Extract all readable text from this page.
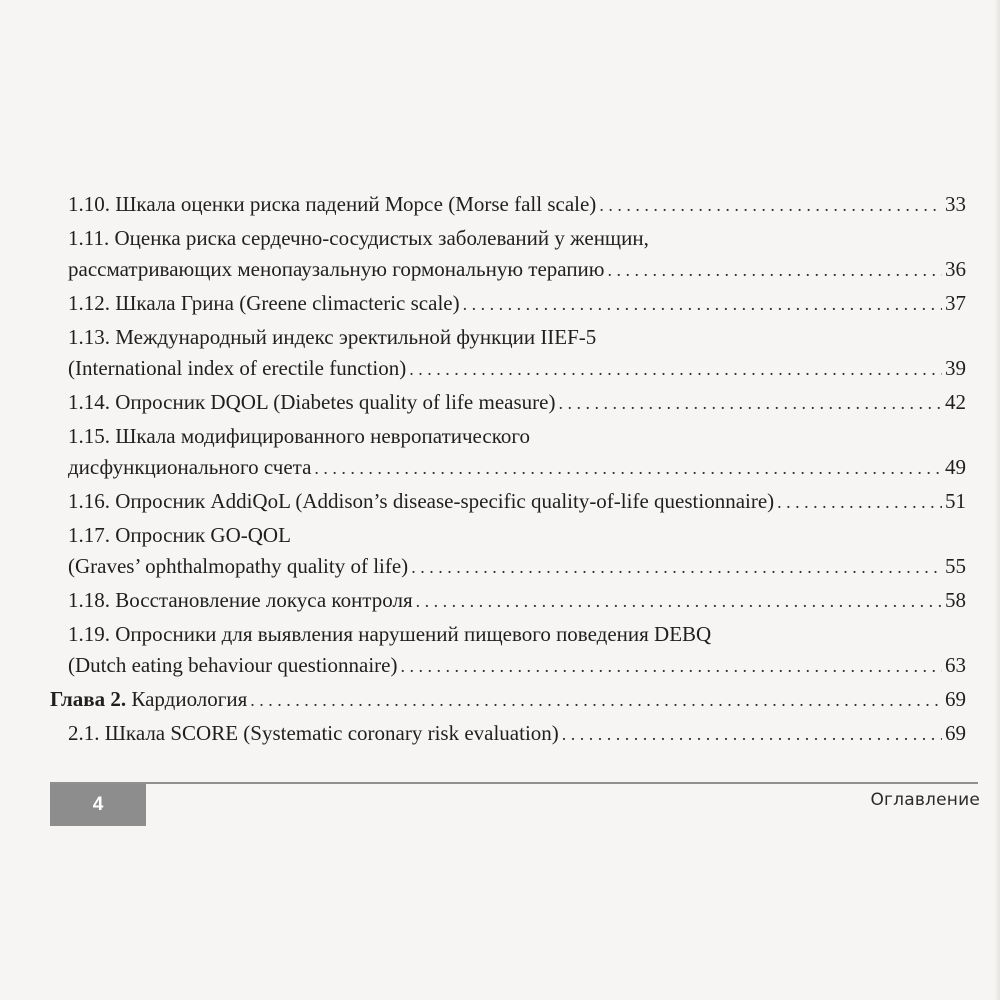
1.10. Шкала оценки риска падений Морсе (Morse fall scale) . . .	33
1.11. Оценка риска сердечно-сосудистых заболеваний у женщин,
рассматривающих менопаузальную гормональную терапию . . .	36
1.12. Шкала Грина (Greene climacteric scale) . . .	37
1.13. Международный индекс эректильной функции IIEF-5
(International index of erectile function) . . .	39
1.14. Опросник DQOL (Diabetes quality of life measure) . . .	42
1.15. Шкала модифицированного невропатического
дисфункционального счета . . .	49
1.16. Опросник AddiQoL (Addison’s disease-specific quality-of-life questionnaire) . . .	51
1.17. Опросник GO-QOL
(Graves’ ophthalmopathy quality of life) . . .	55
1.18. Восстановление локуса контроля . . .	58
1.19. Опросники для выявления нарушений пищевого поведения DEBQ
(Dutch eating behaviour questionnaire) . . .	63
Глава 2. Кардиология . . .	69
2.1. Шкала SCORE (Systematic coronary risk evaluation) . . .	69
4	Оглавление
